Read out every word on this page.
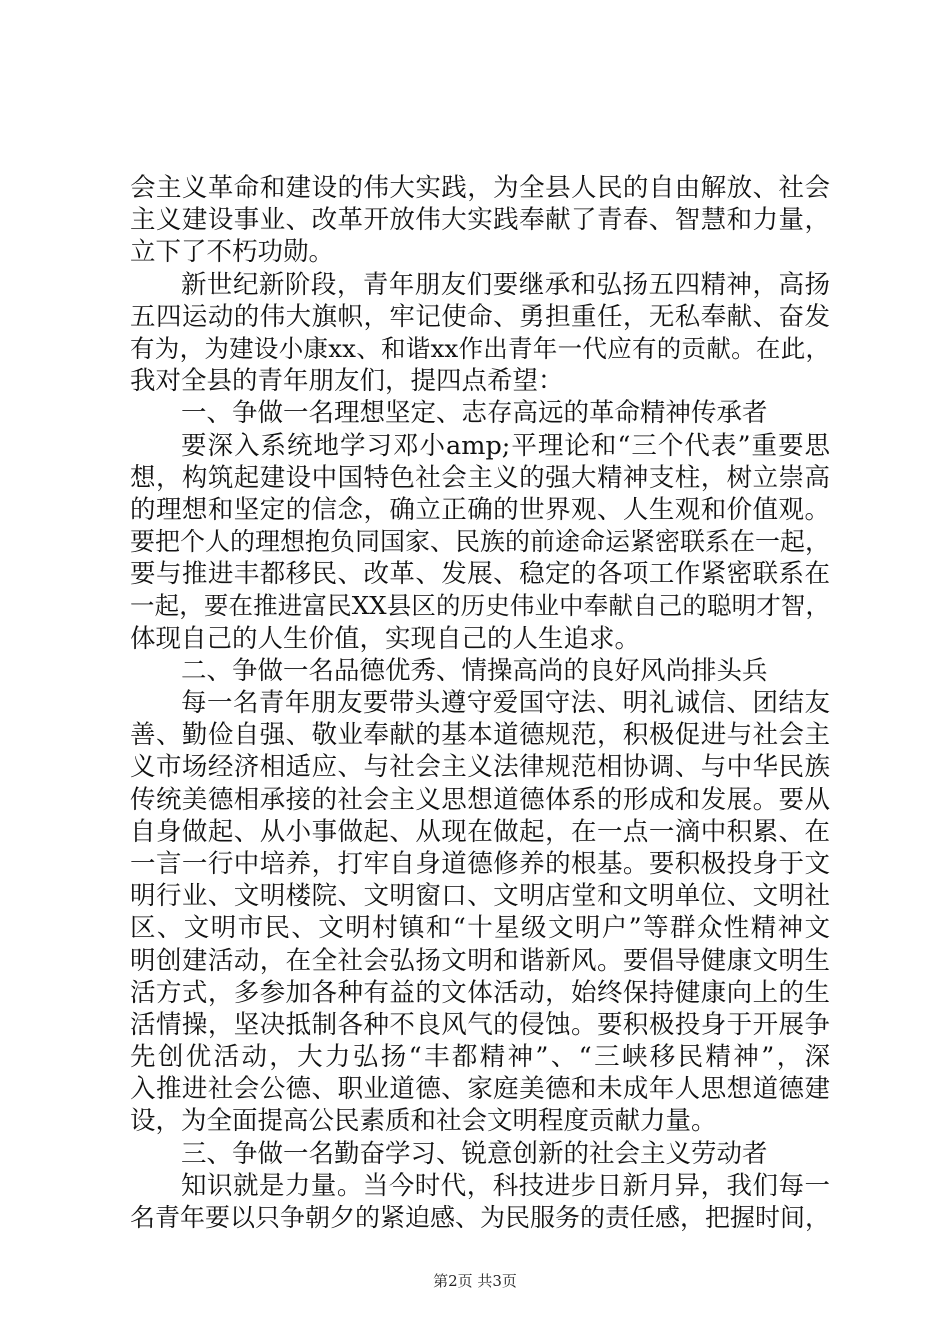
会主义革命和建设的伟大实践，为全县人民的自由解放、社会
主义建设事业、改革开放伟大实践奉献了青春、智慧和力量，
立下了不朽功勋。
新世纪新阶段，青年朋友们要继承和弘扬五四精神，高扬
五四运动的伟大旗帜，牢记使命、勇担重任，无私奉献、奋发
有为，为建设小康xx、和谐xx作出青年一代应有的贡献。在此，
我对全县的青年朋友们，提四点希望：
一、争做一名理想坚定、志存高远的革命精神传承者
要深入系统地学习邓小amp;平理论和“三个代表”重要思
想，构筑起建设中国特色社会主义的强大精神支柱，树立崇高
的理想和坚定的信念，确立正确的世界观、人生观和价值观。
要把个人的理想抱负同国家、民族的前途命运紧密联系在一起，
要与推进丰都移民、改革、发展、稳定的各项工作紧密联系在
一起，要在推进富民XX县区的历史伟业中奉献自己的聪明才智，
体现自己的人生价值，实现自己的人生追求。
二、争做一名品德优秀、情操高尚的良好风尚排头兵
每一名青年朋友要带头遵守爱国守法、明礼诚信、团结友
善、勤俭自强、敬业奉献的基本道德规范，积极促进与社会主
义市场经济相适应、与社会主义法律规范相协调、与中华民族
传统美德相承接的社会主义思想道德体系的形成和发展。要从
自身做起、从小事做起、从现在做起，在一点一滴中积累、在
一言一行中培养，打牢自身道德修养的根基。要积极投身于文
明行业、文明楼院、文明窗口、文明店堂和文明单位、文明社
区、文明市民、文明村镇和“十星级文明户”等群众性精神文
明创建活动，在全社会弘扬文明和谐新风。要倡导健康文明生
活方式，多参加各种有益的文体活动，始终保持健康向上的生
活情操，坚决抵制各种不良风气的侵蚀。要积极投身于开展争
先创优活动，大力弘扬“丰都精神”、“三峡移民精神”，深
入推进社会公德、职业道德、家庭美德和未成年人思想道德建
设，为全面提高公民素质和社会文明程度贡献力量。
三、争做一名勤奋学习、锐意创新的社会主义劳动者
知识就是力量。当今时代，科技进步日新月异，我们每一
名青年要以只争朝夕的紧迫感、为民服务的责任感，把握时间，
第2页 共3页
